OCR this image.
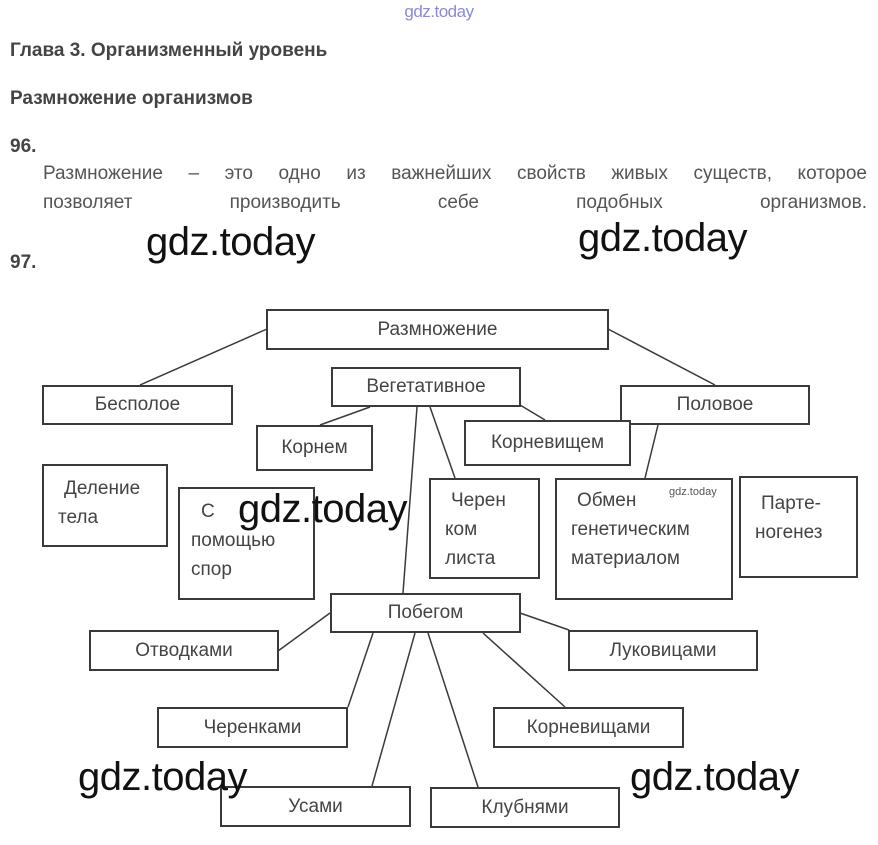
gdz.today
Глава 3. Организменный уровень
Размножение организмов
96.
Размножение – это одно из важнейших свойств живых существ, которое
позволяет производить себе подобных организмов.
97.
Размножение
Бесполое
Вегетативное
Половое
Корнем	Корневищем
Деление
тела	С
помощью
спор
Черен
ком
листа
Обмен	gdz.today
генетическим
материалом
Партe-
ногенез
Побегом
Отводками	Луковицами
Черенками	Корневищами
Усами	Клубнями
gdz.today	gdz.today
gdz.today
gdz.today	gdz.today
